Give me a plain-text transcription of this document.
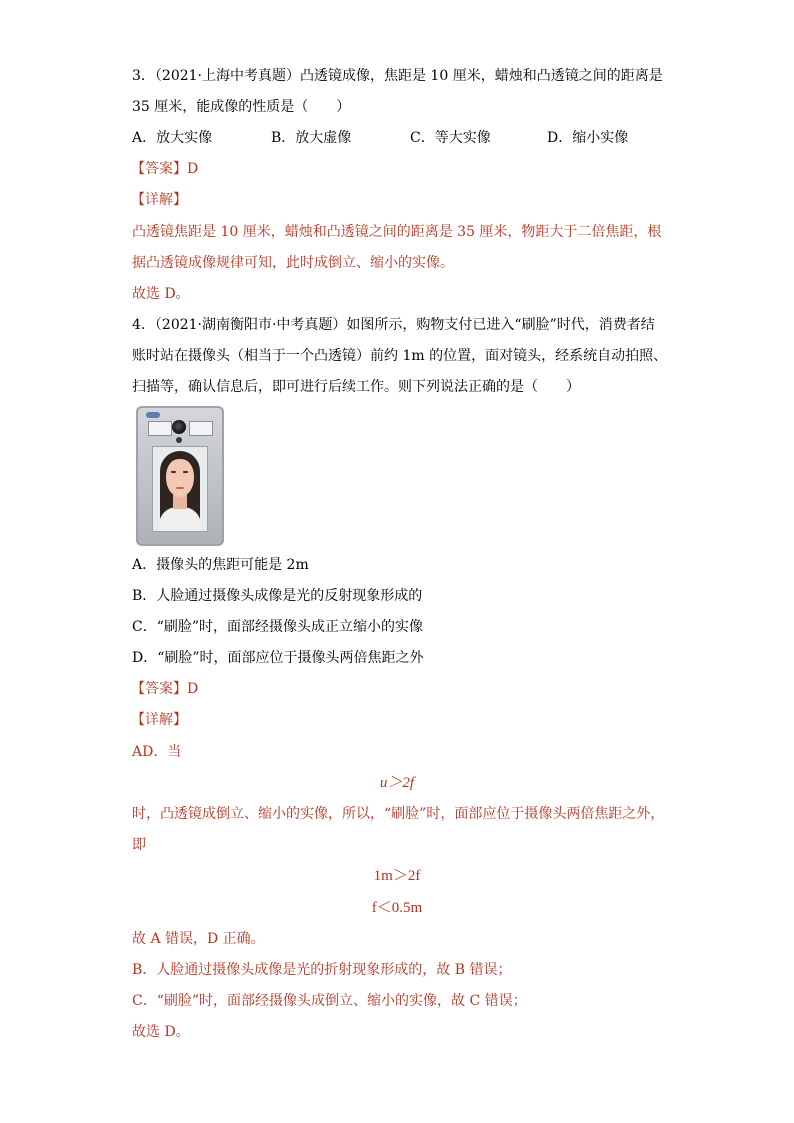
3．（2021·上海中考真题）凸透镜成像，焦距是 10 厘米，蜡烛和凸透镜之间的距离是
35 厘米，能成像的性质是（　　）
A．放大实像	B．放大虚像	C．等大实像	D．缩小实像
【答案】D
【详解】
凸透镜焦距是 10 厘米，蜡烛和凸透镜之间的距离是 35 厘米，物距大于二倍焦距，根
据凸透镜成像规律可知，此时成倒立、缩小的实像。
故选 D。
4．（2021·湖南衡阳市·中考真题）如图所示，购物支付已进入“刷脸”时代，消费者结
账时站在摄像头（相当于一个凸透镜）前约 1m 的位置，面对镜头，经系统自动拍照、
扫描等，确认信息后，即可进行后续工作。则下列说法正确的是（　　）
A．摄像头的焦距可能是 2m
B．人脸通过摄像头成像是光的反射现象形成的
C．“刷脸”时，面部经摄像头成正立缩小的实像
D．“刷脸”时，面部应位于摄像头两倍焦距之外
【答案】D
【详解】
AD．当
u＞2f
时，凸透镜成倒立、缩小的实像，所以，“刷脸”时，面部应位于摄像头两倍焦距之外，
即
1m＞2f
f＜0.5m
故 A 错误，D 正确。
B．人脸通过摄像头成像是光的折射现象形成的，故 B 错误；
C．“刷脸”时，面部经摄像头成倒立、缩小的实像，故 C 错误；
故选 D。
